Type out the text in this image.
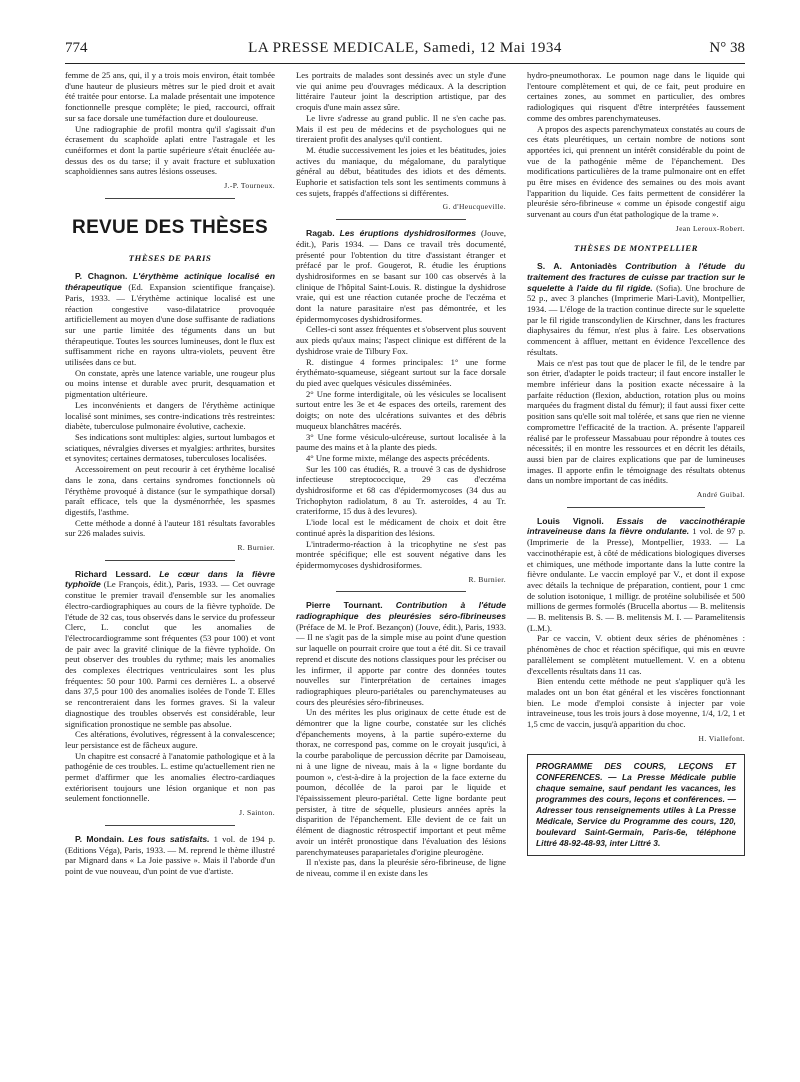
774	LA PRESSE MEDICALE, Samedi, 12 Mai 1934	N° 38

femme de 25 ans, qui, il y a trois mois environ, était tombée d'une hauteur de plusieurs mètres sur le pied droit et avait été traitée pour entorse. La malade présentait une impotence fonctionnelle presque complète; le pied, raccourci, offrait sur sa face dorsale une tuméfaction dure et douloureuse.

Une radiographie de profil montra qu'il s'agissait d'un écrasement du scaphoïde aplati entre l'astragale et les cunéiformes et dont la partie supérieure s'était énucléée au-dessus des os du tarse; il y avait fracture et subluxation scaphoïdiennes sans autres lésions osseuses.

J.-P. Tourneux.
REVUE DES THÈSES
THÈSES DE PARIS

P. Chagnon. L'érythème actinique localisé en thérapeutique (Ed. Expansion scientifique française). Paris, 1933. — L'érythème actinique localisé est une réaction congestive vaso-dilatatrice provoquée artificiellement au moyen d'une dose suffisante de radiations sur une partie limitée des téguments dans un but thérapeutique. Toutes les sources lumineuses, dont le flux est suffisamment riche en rayons ultra-violets, peuvent être utilisées dans ce but.

On constate, après une latence variable, une rougeur plus ou moins intense et durable avec prurit, desquamation et pigmentation ultérieure.

Les inconvénients et dangers de l'érythème actinique localisé sont minimes, ses contre-indications très restreintes: diabète, tuberculose pulmonaire évolutive, cachexie.

Ses indications sont multiples: algies, surtout lumbagos et sciatiques, névralgies diverses et myalgies: arthrites, bursites et synovites; certaines dermatoses, tuberculoses localisées.

Accessoirement on peut recourir à cet érythème localisé dans le zona, dans certains syndromes fonctionnels où l'érythème provoqué à distance (sur le sympathique dorsal) paraît efficace, tels que la dysménorrhée, les spasmes digestifs, l'asthme.

Cette méthode a donné à l'auteur 181 résultats favorables sur 226 malades suivis.

R. Burnier.

Richard Lessard. Le cœur dans la fièvre typhoïde (Le François, édit.), Paris, 1933. — Cet ouvrage constitue le premier travail d'ensemble sur les anomalies électro-cardiographiques au cours de la fièvre typhoïde. De l'étude de 32 cas, tous observés dans le service du professeur Clerc, L. conclut que les anomalies de l'électrocardiogramme sont fréquentes (53 pour 100) et vont de pair avec la gravité clinique de la fièvre typhoïde. On peut observer des troubles du rythme; mais les anomalies des complexes électriques ventriculaires sont les plus fréquentes: 50 pour 100. Parmi ces dernières L. a observé dans 37,5 pour 100 des anomalies isolées de l'onde T. Elles se rencontreraient dans les formes graves. Si la valeur diagnostique des troubles observés est considérable, leur signification pronostique ne semble pas absolue.

Ces altérations, évolutives, régressent à la convalescence; leur persistance est de fâcheux augure.

Un chapitre est consacré à l'anatomie pathologique et à la pathogénie de ces troubles. L. estime qu'actuellement rien ne permet d'affirmer que les anomalies électro-cardiaques extériorisent toujours une lésion organique et non pas seulement fonctionnelle.

J. Sainton.

P. Mondain. Les fous satisfaits. 1 vol. de 194 p. (Editions Véga), Paris, 1933. — M. reprend le thème illustré par Mignard dans « La Joie passive ». Mais il l'aborde d'un point de vue nouveau, d'un point de vue d'artiste.

Les portraits de malades sont dessinés avec un style d'une vie qui anime peu d'ouvrages médicaux. A la description littéraire l'auteur joint la description artistique, par des croquis d'une main assez sûre.

Le livre s'adresse au grand public. Il ne s'en cache pas. Mais il est peu de médecins et de psychologues qui ne tireraient profit des analyses qu'il contient.

M. étudie successivement les joies et les béatitudes, joies actives du maniaque, du mégalomane, du paralytique général au début, béatitudes des idiots et des déments. Euphorie et satisfaction tels sont les sentiments communs à ces sujets, frappés d'affections si différentes.

G. d'Heucqueville.

Ragab. Les éruptions dyshidrosiformes (Jouve, édit.), Paris 1934. — Dans ce travail très documenté, présenté pour l'obtention du titre d'assistant étranger et préfacé par le prof. Gougerot, R. étudie les éruptions dyshidrosiformes en se basant sur 100 cas observés à la clinique de l'hôpital Saint-Louis. R. distingue la dyshidrose vraie, qui est une réaction cutanée proche de l'eczéma et dont la nature parasitaire n'est pas démontrée, et les épidermomycoses dyshidrosiformes.

Celles-ci sont assez fréquentes et s'observent plus souvent aux pieds qu'aux mains; l'aspect clinique est différent de la dyshidrose vraie de Tilbury Fox.

R. distingue 4 formes principales: 1° une forme érythémato-squameuse, siégeant surtout sur la face dorsale du pied avec quelques vésicules disséminées.

2° Une forme interdigitale, où les vésicules se localisent surtout entre les 3e et 4e espaces des orteils, rarement des doigts; on note des ulcérations suivantes et des débris muqueux blanchâtres macérés.

3° Une forme vésiculo-ulcéreuse, surtout localisée à la paume des mains et à la plante des pieds.

4° Une forme mixte, mélange des aspects précédents.

Sur les 100 cas étudiés, R. a trouvé 3 cas de dyshidrose infectieuse streptococcique, 29 cas d'eczéma dyshidrosiforme et 68 cas d'épidermomycoses (34 dus au Trichophyton radiolatum, 8 au Tr. asteroïdes, 4 au Tr. crateriforme, 15 dus à des levures).

L'iode local est le médicament de choix et doit être continué après la disparition des lésions.

L'intradermo-réaction à la tricophytine ne s'est pas montrée spécifique; elle est souvent négative dans les épidermomycoses dyshidrosiformes.

R. Burnier.

Pierre Tournant. Contribution à l'étude radiographique des pleurésies séro-fibrineuses (Préface de M. le Prof. Bezançon) (Jouve, édit.), Paris, 1933. — Il ne s'agit pas de la simple mise au point d'une question sur laquelle on pourrait croire que tout a été dit. Si ce travail reprend et discute des notions classiques pour les préciser ou les infirmer, il apporte par contre des données toutes nouvelles sur l'interprétation de certaines images radiographiques pleuro-pariétales ou parenchymateuses au cours des pleurésies séro-fibrineuses.

Un des mérites les plus originaux de cette étude est de démontrer que la ligne courbe, constatée sur les clichés d'épanchements moyens, à la partie supéro-externe du thorax, ne correspond pas, comme on le croyait jusqu'ici, à la courbe parabolique de percussion décrite par Damoiseau, ni à une ligne de niveau, mais à la « ligne bordante du poumon », c'est-à-dire à la projection de la face externe du poumon, décollée de la paroi par le liquide et l'épaississement pleuro-pariétal. Cette ligne bordante peut persister, à titre de séquelle, plusieurs années après la disparition de l'épanchement. Elle devient de ce fait un élément de diagnostic rétrospectif important et peut même avoir un intérêt pronostique dans l'évaluation des lésions parenchymateuses paraparietales d'origine pleurogène.

Il n'existe pas, dans la pleurésie séro-fibrineuse, de ligne de niveau, comme il en existe dans les

hydro-pneumothorax. Le poumon nage dans le liquide qui l'entoure complètement et qui, de ce fait, peut produire en certaines zones, au sommet en particulier, des ombres radiologiques qui risquent d'être interprétées faussement comme des ombres parenchymateuses.

A propos des aspects parenchymateux constatés au cours de ces états pleurétiques, un certain nombre de notions sont apportées ici, qui prennent un intérêt considérable du point de vue de la pathogénie même de l'épanchement. Des modifications particulières de la trame pulmonaire ont en effet pu être mises en évidence des semaines ou des mois avant l'apparition du liquide. Ces faits permettent de considérer la pleurésie séro-fibrineuse « comme un épisode congestif aigu survenant au cours d'un état pathologique de la trame ».

Jean Leroux-Robert.
THÈSES DE MONTPELLIER

S. A. Antoniadès Contribution à l'étude du traitement des fractures de cuisse par traction sur le squelette à l'aide du fil rigide. (Sofia). Une brochure de 52 p., avec 3 planches (Imprimerie Mari-Lavit), Montpellier, 1934. — L'éloge de la traction continue directe sur le squelette par le fil rigide transcondylien de Kirschner, dans les fractures diaphysaires du fémur, n'est plus à faire. Les observations commencent à affluer, mettant en évidence l'excellence des résultats.

Mais ce n'est pas tout que de placer le fil, de le tendre par son étrier, d'adapter le poids tracteur; il faut encore installer le membre inférieur dans la position exacte nécessaire à la parfaite réduction (flexion, abduction, rotation plus ou moins marquées du fragment distal du fémur); il faut aussi fixer cette position sans qu'elle soit mal tolérée, et sans que rien ne vienne compromettre l'efficacité de la traction. A. présente l'appareil réalisé par le professeur Massabuau pour répondre à toutes ces nécessités; il en montre les ressources et en décrit les détails, aussi bien par de claires explications que par de lumineuses images. Il apporte enfin le témoignage des résultats obtenus dans un nombre important de cas inédits.

André Guibal.

Louis Vignoli. Essais de vaccinothérapie intraveineuse dans la fièvre ondulante. 1 vol. de 97 p. (Imprimerie de la Presse), Montpellier, 1933. — La vaccinothérapie est, à côté de médications biologiques diverses et chimiques, une méthode importante dans la lutte contre la fièvre ondulante. Le vaccin employé par V., et dont il expose avec détails la technique de préparation, contient, pour 1 cmc de solution isotonique, 1 milligr. de protéine solubilisée et 500 millions de germes formolés (Brucella abortus — B. melitensis — B. melitensis B. S. — B. melitensis M. I. — Paramelitensis (L.M.).

Par ce vaccin, V. obtient deux séries de phénomènes : phénomènes de choc et réaction spécifique, qui mis en œuvre parallèlement se complètent mutuellement. V. en a obtenu d'excellents résultats dans 11 cas.

Bien entendu cette méthode ne peut s'appliquer qu'à les malades ont un bon état général et les viscères fonctionnant bien. Le mode d'emploi consiste à injecter par voie intraveineuse, tous les trois jours à dose moyenne, 1/4, 1/2, 1 et 1,5 cmc de vaccin, jusqu'à apparition du choc.

H. Viallefont.

PROGRAMME DES COURS, LEÇONS ET CONFERENCES. — La Presse Médicale publie chaque semaine, sauf pendant les vacances, les programmes des cours, leçons et conférences. — Adresser tous renseignements utiles à La Presse Médicale, Service du Programme des cours, 120, boulevard Saint-Germain, Paris-6e, téléphone Littré 48-92-48-93, inter Littré 3.
